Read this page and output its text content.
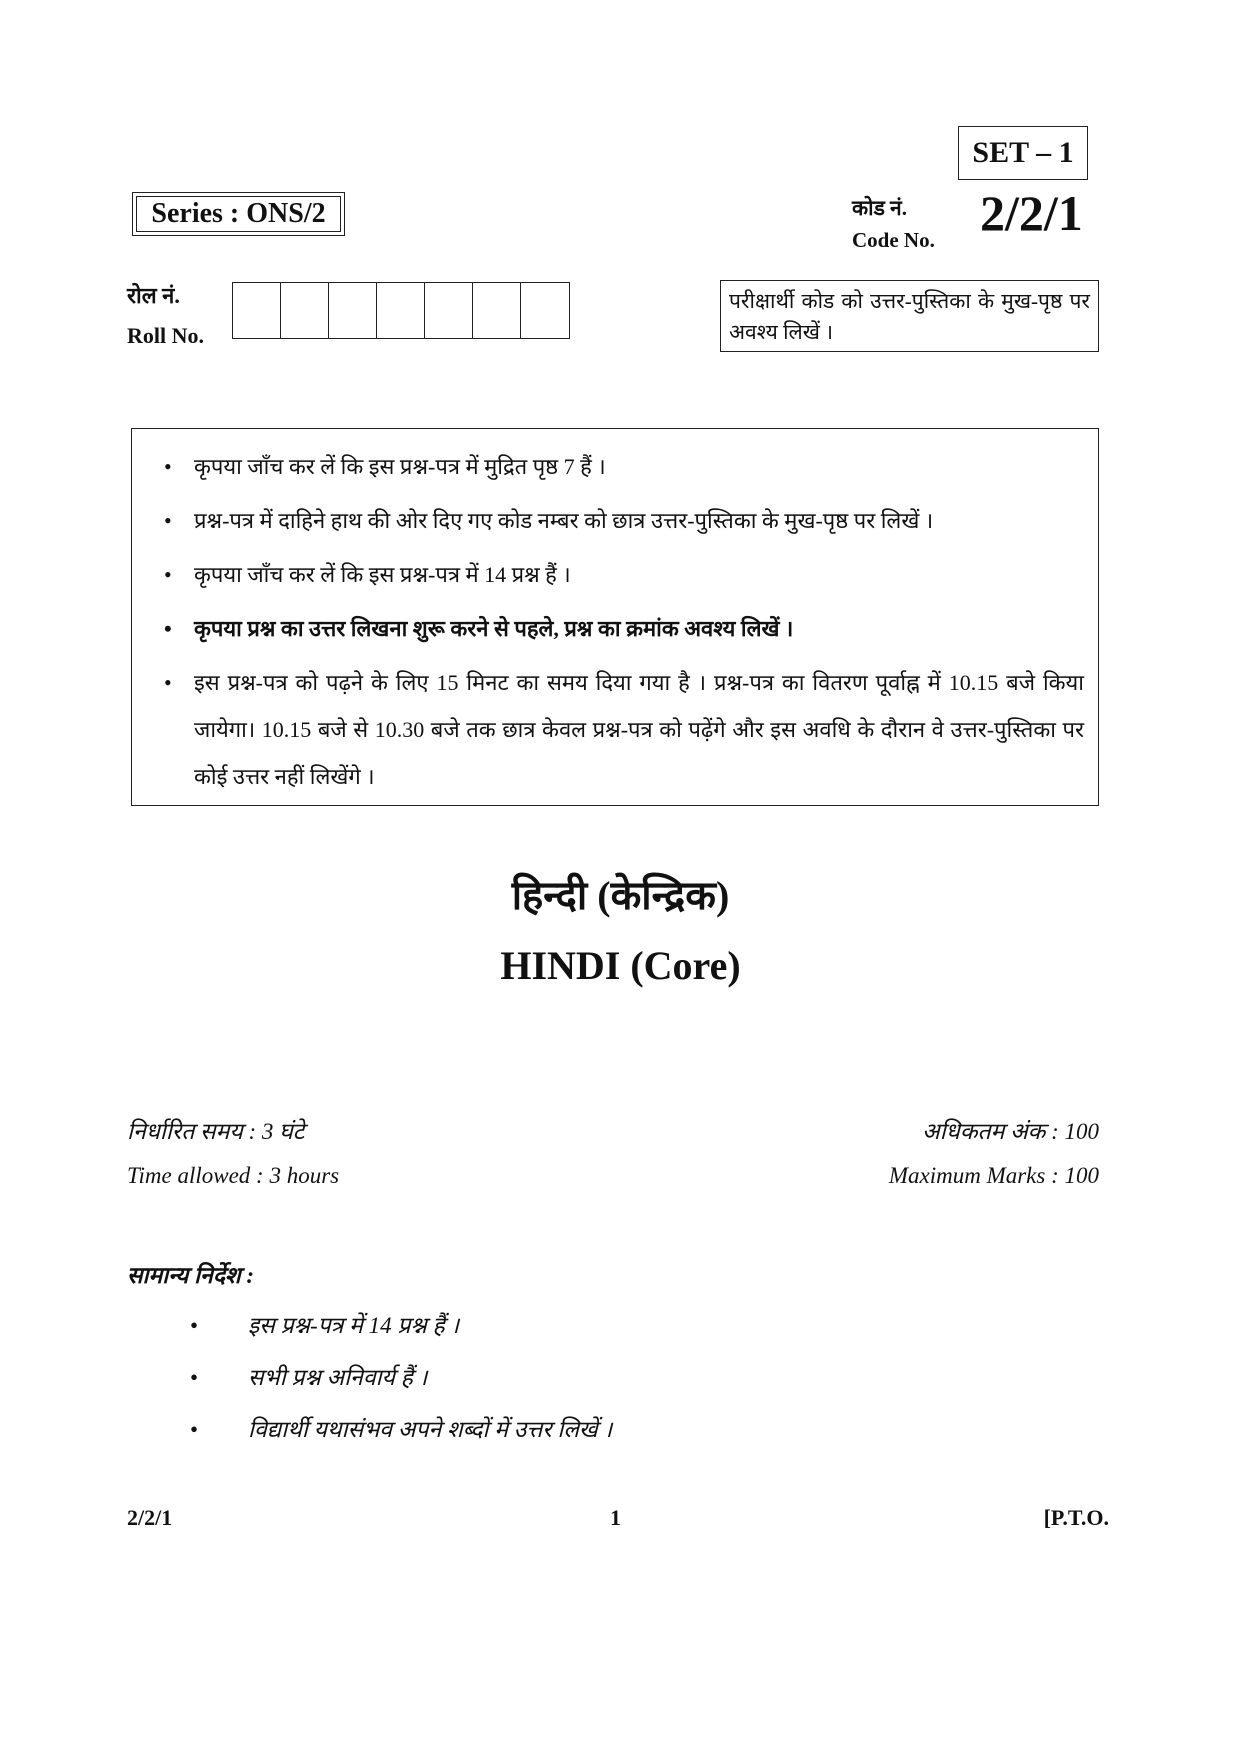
SET – 1
Series : ONS/2	कोड नं.
Code No. 2/2/1
रोल नं.
Roll No.
परीक्षार्थी कोड को उत्तर-पुस्तिका के मुख-पृष्ठ पर अवश्य लिखें ।
• कृपया जाँच कर लें कि इस प्रश्न-पत्र में मुद्रित पृष्ठ 7 हैं ।
• प्रश्न-पत्र में दाहिने हाथ की ओर दिए गए कोड नम्बर को छात्र उत्तर-पुस्तिका के मुख-पृष्ठ पर लिखें ।
• कृपया जाँच कर लें कि इस प्रश्न-पत्र में 14 प्रश्न हैं ।
• कृपया प्रश्न का उत्तर लिखना शुरू करने से पहले, प्रश्न का क्रमांक अवश्य लिखें ।
• इस प्रश्न-पत्र को पढ़ने के लिए 15 मिनट का समय दिया गया है । प्रश्न-पत्र का वितरण पूर्वाह्न में 10.15 बजे किया जायेगा। 10.15 बजे से 10.30 बजे तक छात्र केवल प्रश्न-पत्र को पढ़ेंगे और इस अवधि के दौरान वे उत्तर-पुस्तिका पर कोई उत्तर नहीं लिखेंगे ।
हिन्दी (केन्द्रिक)
HINDI (Core)
निर्धारित समय : 3 घंटे
Time allowed : 3 hours
अधिकतम अंक : 100
Maximum Marks : 100
सामान्य निर्देश :
• इस प्रश्न-पत्र में 14 प्रश्न हैं ।
• सभी प्रश्न अनिवार्य हैं ।
• विद्यार्थी यथासंभव अपने शब्दों में उत्तर लिखें ।
2/2/1	1	[P.T.O.
